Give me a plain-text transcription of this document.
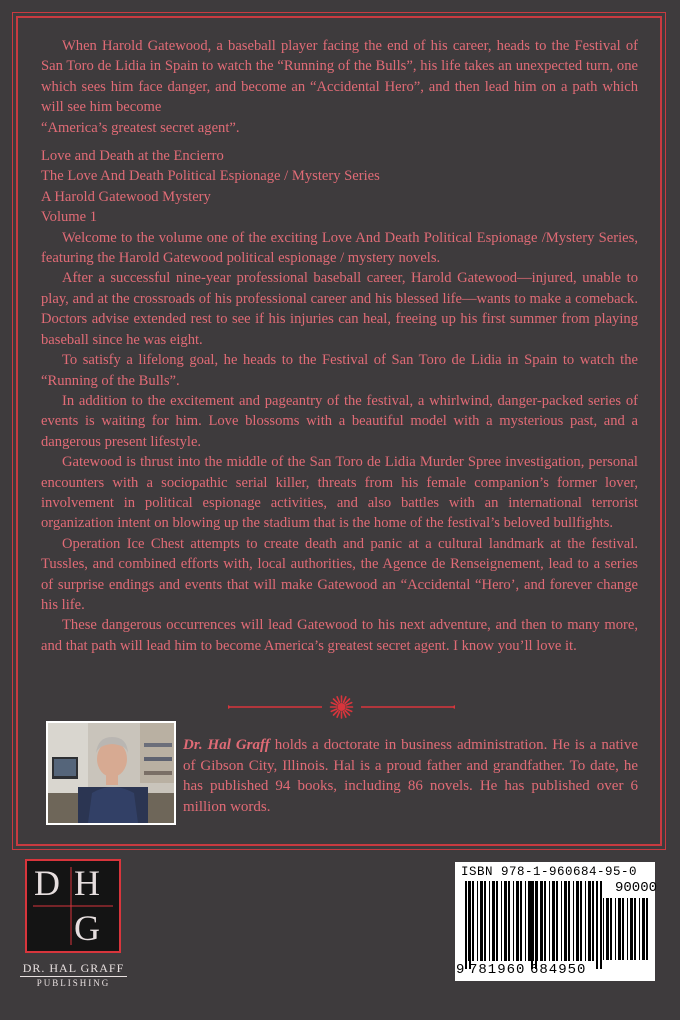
When Harold Gatewood, a baseball player facing the end of his career, heads to the Festival of San Toro de Lidia in Spain to watch the “Running of the Bulls”, his life takes an unexpected turn, one which sees him face danger, and become an “Accidental Hero”, and then lead him on a path which will see him become

“America’s greatest secret agent”.

Love and Death at the Encierro

The Love And Death Political Espionage / Mystery Series

A Harold Gatewood Mystery

Volume 1

Welcome to the volume one of the exciting Love And Death Political Espionage /Mystery Series, featuring the Harold Gatewood political espionage / mystery novels.

After a successful nine-year professional baseball career, Harold Gatewood—injured, unable to play, and at the crossroads of his professional career and his blessed life—wants to make a comeback. Doctors advise extended rest to see if his injuries can heal, freeing up his first summer from playing baseball since he was eight.

To satisfy a lifelong goal, he heads to the Festival of San Toro de Lidia in Spain to watch the “Running of the Bulls”.

In addition to the excitement and pageantry of the festival, a whirlwind, danger-packed series of events is waiting for him. Love blossoms with a beautiful model with a mysterious past, and a dangerous present lifestyle.

Gatewood is thrust into the middle of the San Toro de Lidia Murder Spree investigation, personal encounters with a sociopathic serial killer, threats from his female companion’s former lover, involvement in political espionage activities, and also battles with an international terrorist organization intent on blowing up the stadium that is the home of the festival’s beloved bullfights.

Operation Ice Chest attempts to create death and panic at a cultural landmark at the festival. Tussles, and combined efforts with, local authorities, the Agence de Renseignement, lead to a series of surprise endings and events that will make Gatewood an “Accidental “Hero’, and forever change his life.

These dangerous occurrences will lead Gatewood to his next adventure, and then to many more, and that path will lead him to become America’s greatest secret agent. I know you’ll love it.

Dr. Hal Graff holds a doctorate in business administration. He is a native of Gibson City, Illinois. Hal is a proud father and grandfather. To date, he has published 94 books, including 86 novels. He has published over 6 million words.
D H
G
DR. HAL GRAFF
PUBLISHING
ISBN 978-1-960684-95-0
90000
9 781960 684950
